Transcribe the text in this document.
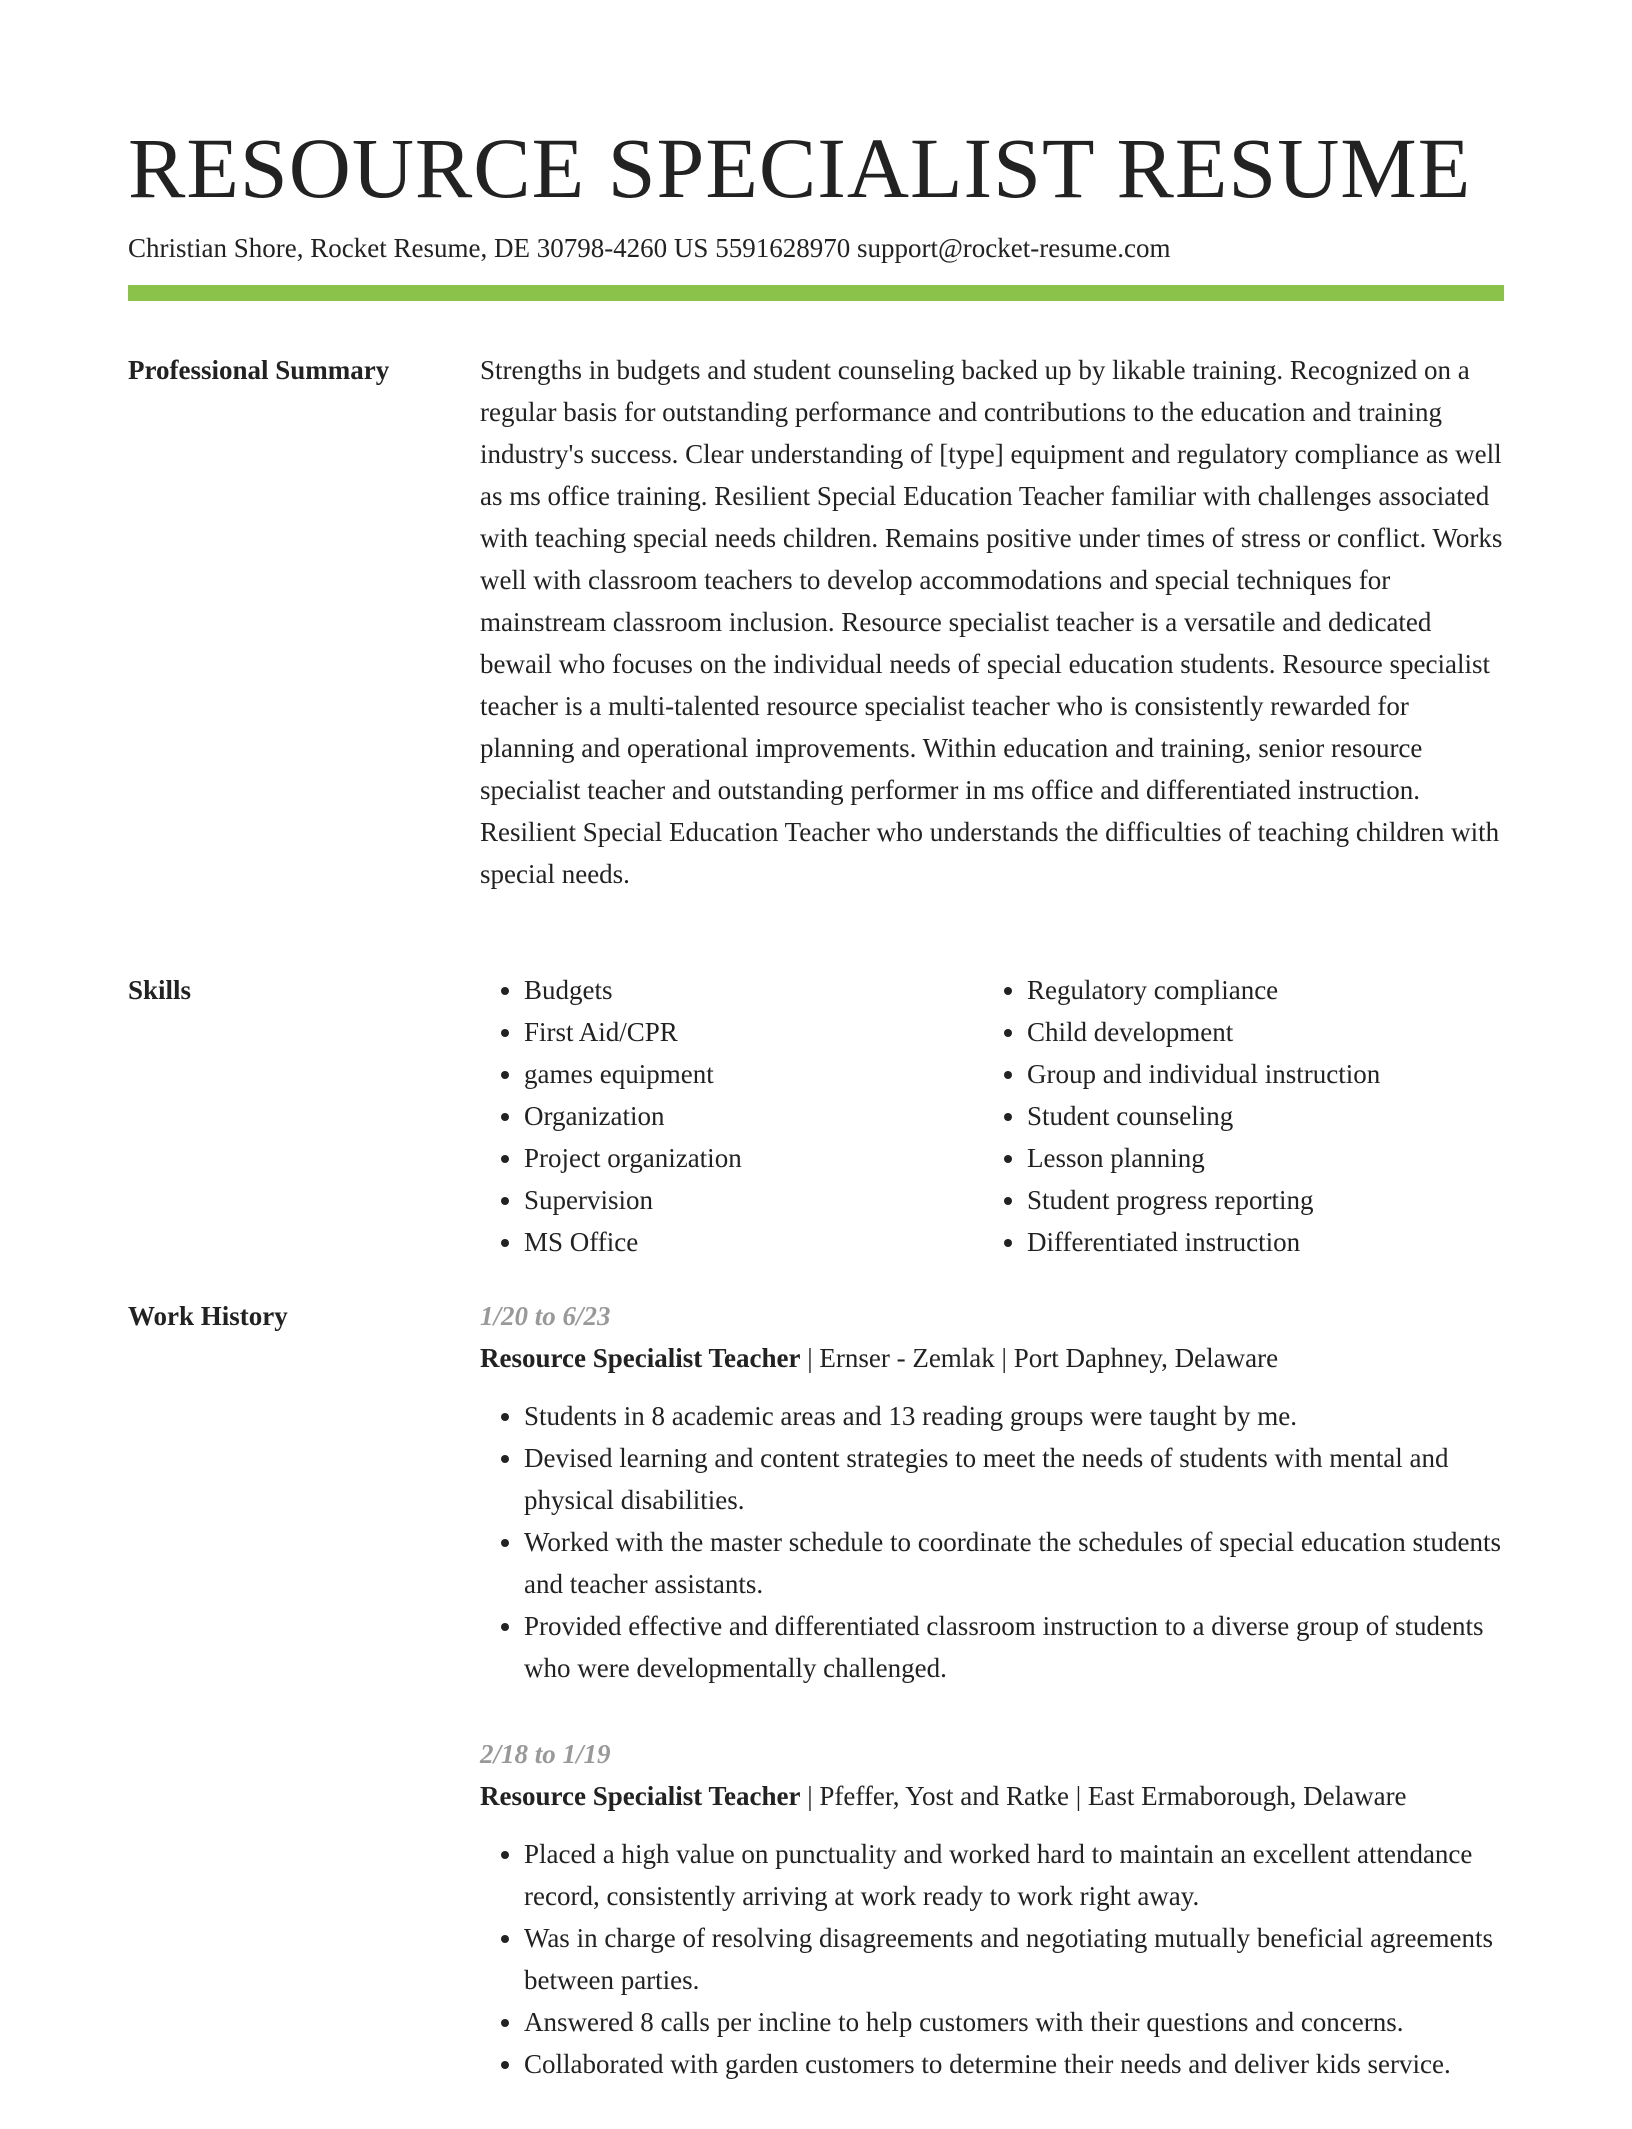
RESOURCE SPECIALIST RESUME
Christian Shore, Rocket Resume, DE 30798-4260 US 5591628970 support@rocket-resume.com
Professional Summary	Strengths in budgets and student counseling backed up by likable training. Recognized on a regular basis for outstanding performance and contributions to the education and training industry's success. Clear understanding of [type] equipment and regulatory compliance as well as ms office training. Resilient Special Education Teacher familiar with challenges associated with teaching special needs children. Remains positive under times of stress or conflict. Works well with classroom teachers to develop accommodations and special techniques for mainstream classroom inclusion. Resource specialist teacher is a versatile and dedicated bewail who focuses on the individual needs of special education students. Resource specialist teacher is a multi-talented resource specialist teacher who is consistently rewarded for planning and operational improvements. Within education and training, senior resource specialist teacher and outstanding performer in ms office and differentiated instruction. Resilient Special Education Teacher who understands the difficulties of teaching children with special needs.

Skills
•	Budgets
• First Aid/CPR
• games equipment
• Organization
• Project organization
• Supervision
• MS Office
• Regulatory compliance
• Child development
• Group and individual instruction
• Student counseling
• Lesson planning
• Student progress reporting
• Differentiated instruction
Work History	1/20 to 6/23
Resource Specialist Teacher | Ernser - Zemlak | Port Daphney, Delaware
• Students in 8 academic areas and 13 reading groups were taught by me.
• Devised learning and content strategies to meet the needs of students with mental and physical disabilities.
• Worked with the master schedule to coordinate the schedules of special education students and teacher assistants.
• Provided effective and differentiated classroom instruction to a diverse group of students who were developmentally challenged.
2/18 to 1/19
Resource Specialist Teacher | Pfeffer, Yost and Ratke | East Ermaborough, Delaware
• Placed a high value on punctuality and worked hard to maintain an excellent attendance record, consistently arriving at work ready to work right away.
• Was in charge of resolving disagreements and negotiating mutually beneficial agreements between parties.
• Answered 8 calls per incline to help customers with their questions and concerns.
• Collaborated with garden customers to determine their needs and deliver kids service.
